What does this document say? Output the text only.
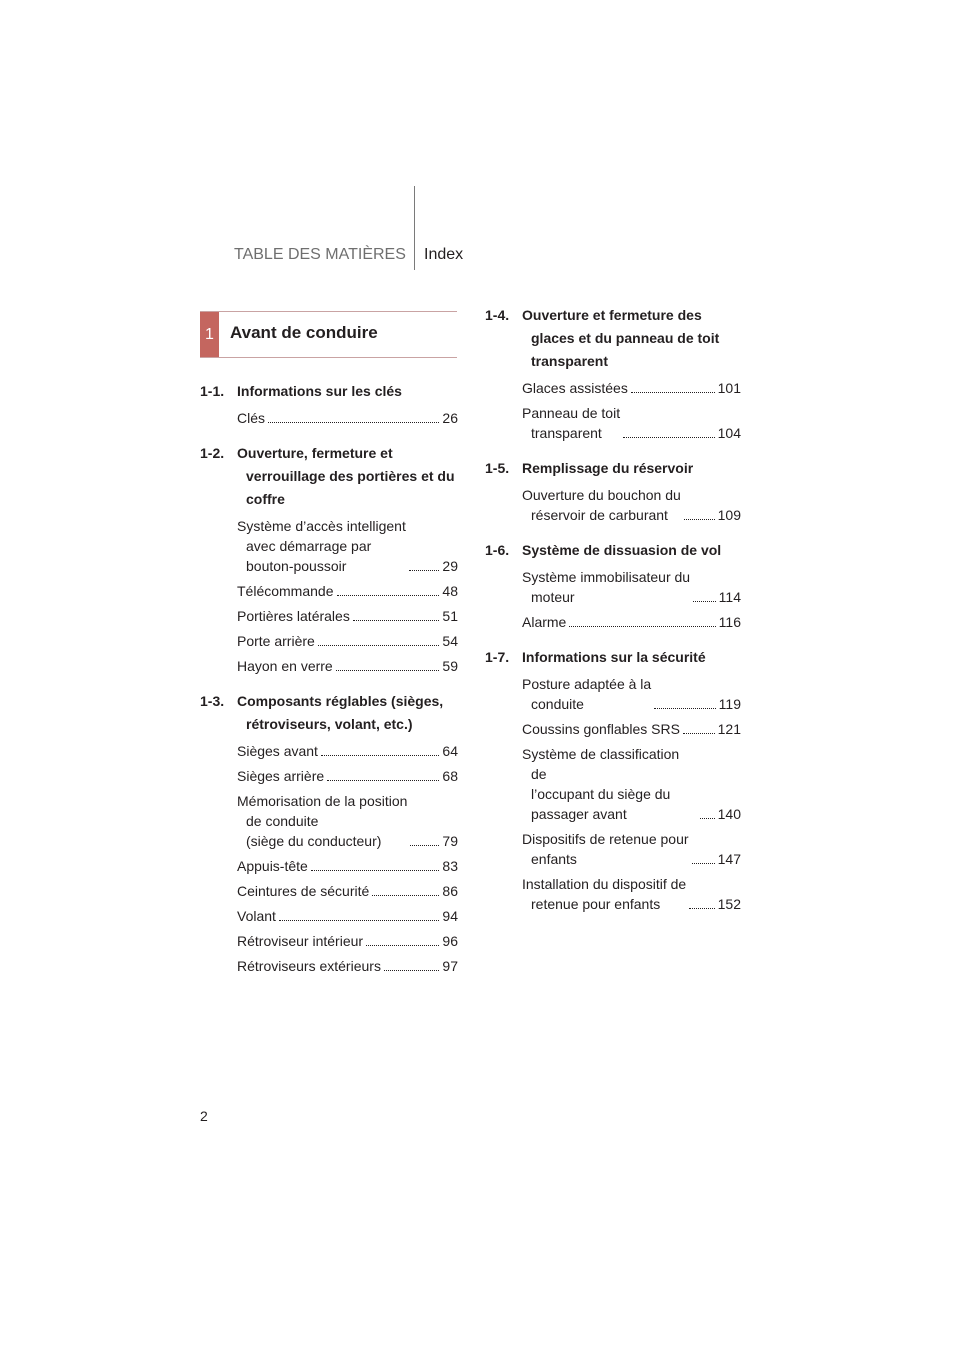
TABLE DES MATIÈRES Index
1 Avant de conduire
1-1. Informations sur les clés
Clés	26
1-2. Ouverture, fermeture et verrouillage des portières et du coffre
Système d’accès intelligent
avec démarrage par
bouton-poussoir	29
Télécommande	48
Portières latérales	51
Porte arrière	54
Hayon en verre	59
1-3. Composants réglables (sièges, rétroviseurs, volant, etc.)
Sièges avant	64
Sièges arrière	68
Mémorisation de la position
de conduite
(siège du conducteur)	79
Appuis-tête	83
Ceintures de sécurité	86
Volant	94
Rétroviseur intérieur	96
Rétroviseurs extérieurs	97
1-4. Ouverture et fermeture des glaces et du panneau de toit transparent
Glaces assistées	101
Panneau de toit
transparent	104
1-5. Remplissage du réservoir
Ouverture du bouchon du
réservoir de carburant	109
1-6. Système de dissuasion de vol
Système immobilisateur du
moteur	114
Alarme	116
1-7. Informations sur la sécurité
Posture adaptée à la
conduite	119
Coussins gonflables SRS	121
Système de classification de
l’occupant du siège du
passager avant	140
Dispositifs de retenue pour
enfants	147
Installation du dispositif de
retenue pour enfants	152
2
